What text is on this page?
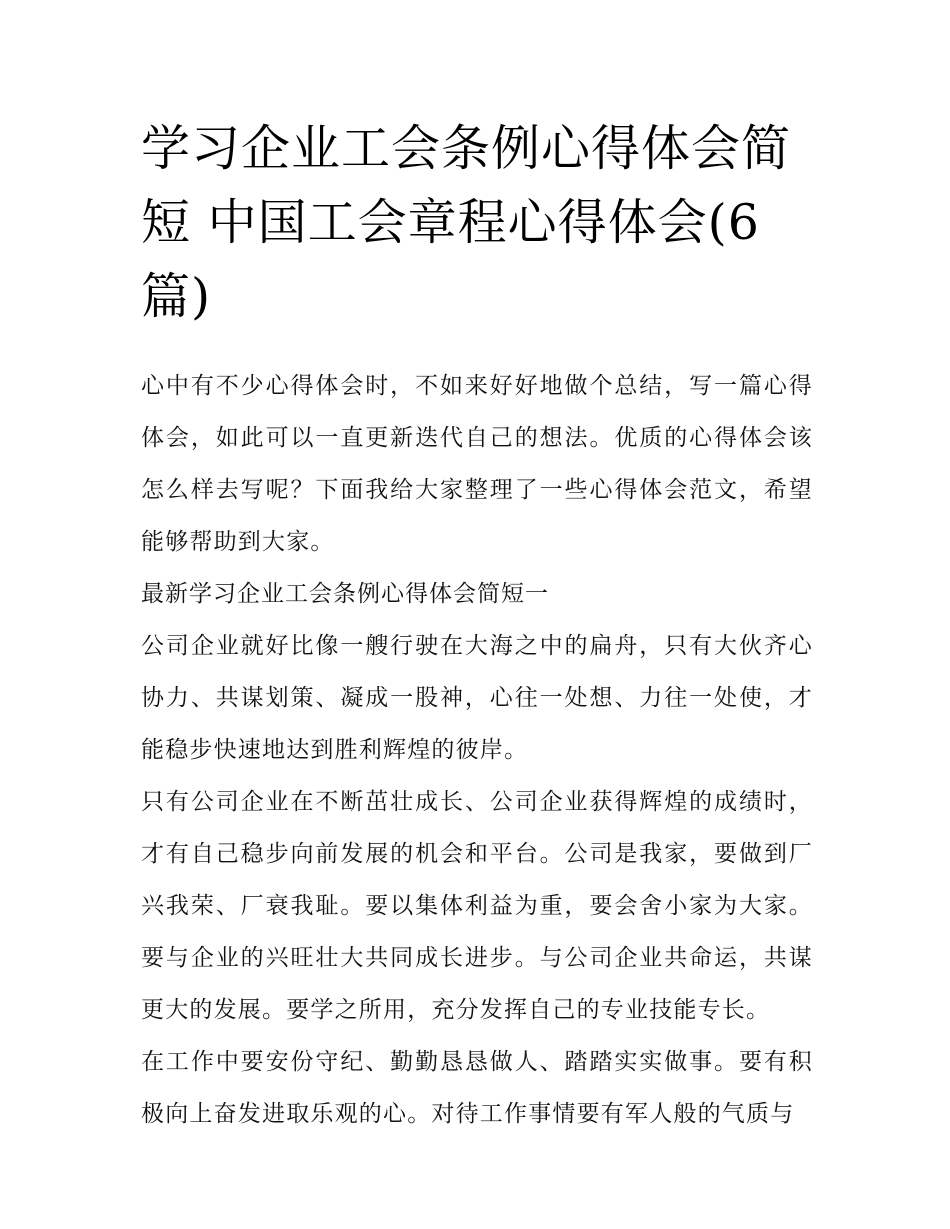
学习企业工会条例心得体会简短 中国工会章程心得体会(6篇)

心中有不少心得体会时，不如来好好地做个总结，写一篇心得体会，如此可以一直更新迭代自己的想法。优质的心得体会该怎么样去写呢？下面我给大家整理了一些心得体会范文，希望能够帮助到大家。

最新学习企业工会条例心得体会简短一

公司企业就好比像一艘行驶在大海之中的扁舟，只有大伙齐心协力、共谋划策、凝成一股神，心往一处想、力往一处使，才能稳步快速地达到胜利辉煌的彼岸。

只有公司企业在不断茁壮成长、公司企业获得辉煌的成绩时，才有自己稳步向前发展的机会和平台。公司是我家，要做到厂兴我荣、厂衰我耻。要以集体利益为重，要会舍小家为大家。要与企业的兴旺壮大共同成长进步。与公司企业共命运，共谋更大的发展。要学之所用，充分发挥自己的专业技能专长。

在工作中要安份守纪、勤勤恳恳做人、踏踏实实做事。要有积极向上奋发进取乐观的心。对待工作事情要有军人般的气质与
